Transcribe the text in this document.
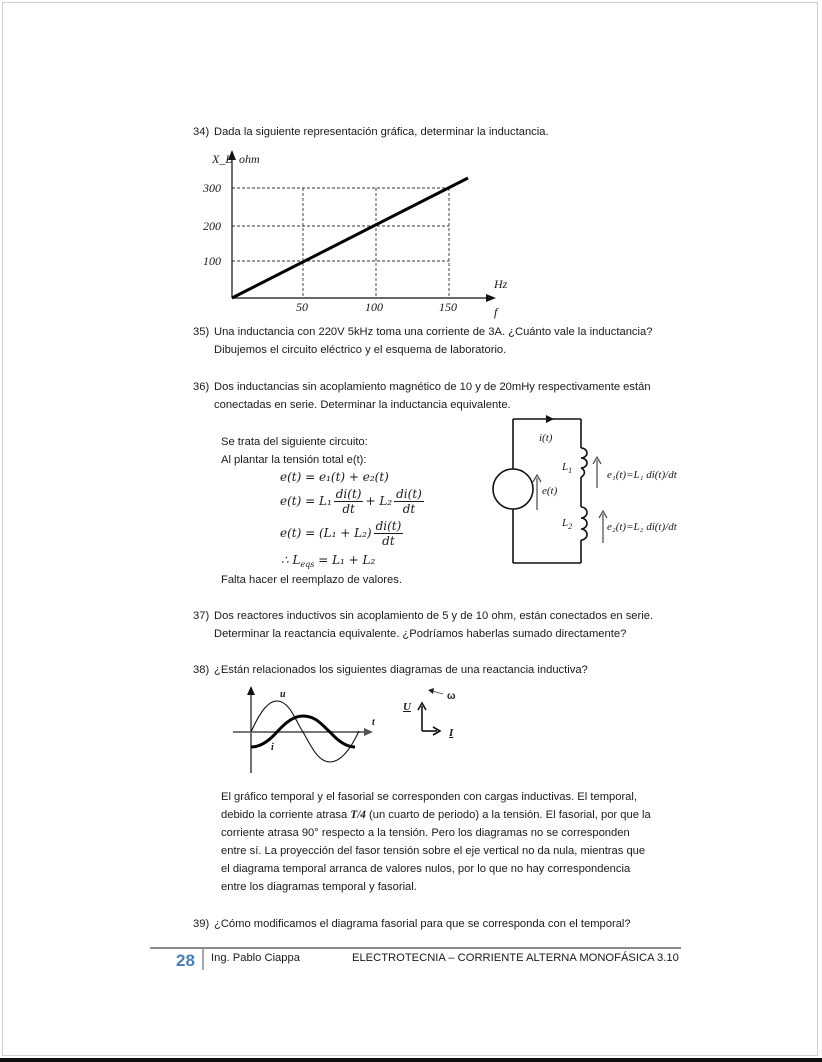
34) Dada la siguiente representación gráfica, determinar la inductancia.
X_L ohm
300
200
100
50	100	150
Hz
f
35) Una inductancia con 220V 5kHz toma una corriente de 3A. ¿Cuánto vale la inductancia?
Dibujemos el circuito eléctrico y el esquema de laboratorio.
36) Dos inductancias sin acoplamiento magnético de 10 y de 20mHy respectivamente están
conectadas en serie. Determinar la inductancia equivalente.
Se trata del siguiente circuito:
Al plantar la tensión total e(t):
e(t) = e₁(t) + e₂(t)
$e(t) = L_1 \frac{di(t)}{dt} + L_2 \frac{di(t)}{dt}$
$e(t) = (L_1 + L_2) \frac{di(t)}{dt}$
∴ $L_{eqs} = L_1 + L_2$
Falta hacer el reemplazo de valores.
i(t)
e(t)
$L_1$
$L_2$
e₁(t)=L₁ di(t)/dt
e₂(t)=L₂ di(t)/dt
37) Dos reactores inductivos sin acoplamiento de 5 y de 10 ohm, están conectados en serie.
Determinar la reactancia equivalente. ¿Podríamos haberlas sumado directamente?
38) ¿Están relacionados los siguientes diagramas de una reactancia inductiva?
u
i
t
U
I
ω
El gráfico temporal y el fasorial se corresponden con cargas inductivas. El temporal,
debido la corriente atrasa T/4 (un cuarto de periodo) a la tensión. El fasorial, por que la
corriente atrasa 90° respecto a la tensión. Pero los diagramas no se corresponden
entre sí. La proyección del fasor tensión sobre el eje vertical no da nula, mientras que
el diagrama temporal arranca de valores nulos, por lo que no hay correspondencia
entre los diagramas temporal y fasorial.
39) ¿Cómo modificamos el diagrama fasorial para que se corresponda con el temporal?
28 Ing. Pablo Ciappa	ELECTROTECNIA – CORRIENTE ALTERNA MONOFÁSICA 3.10
